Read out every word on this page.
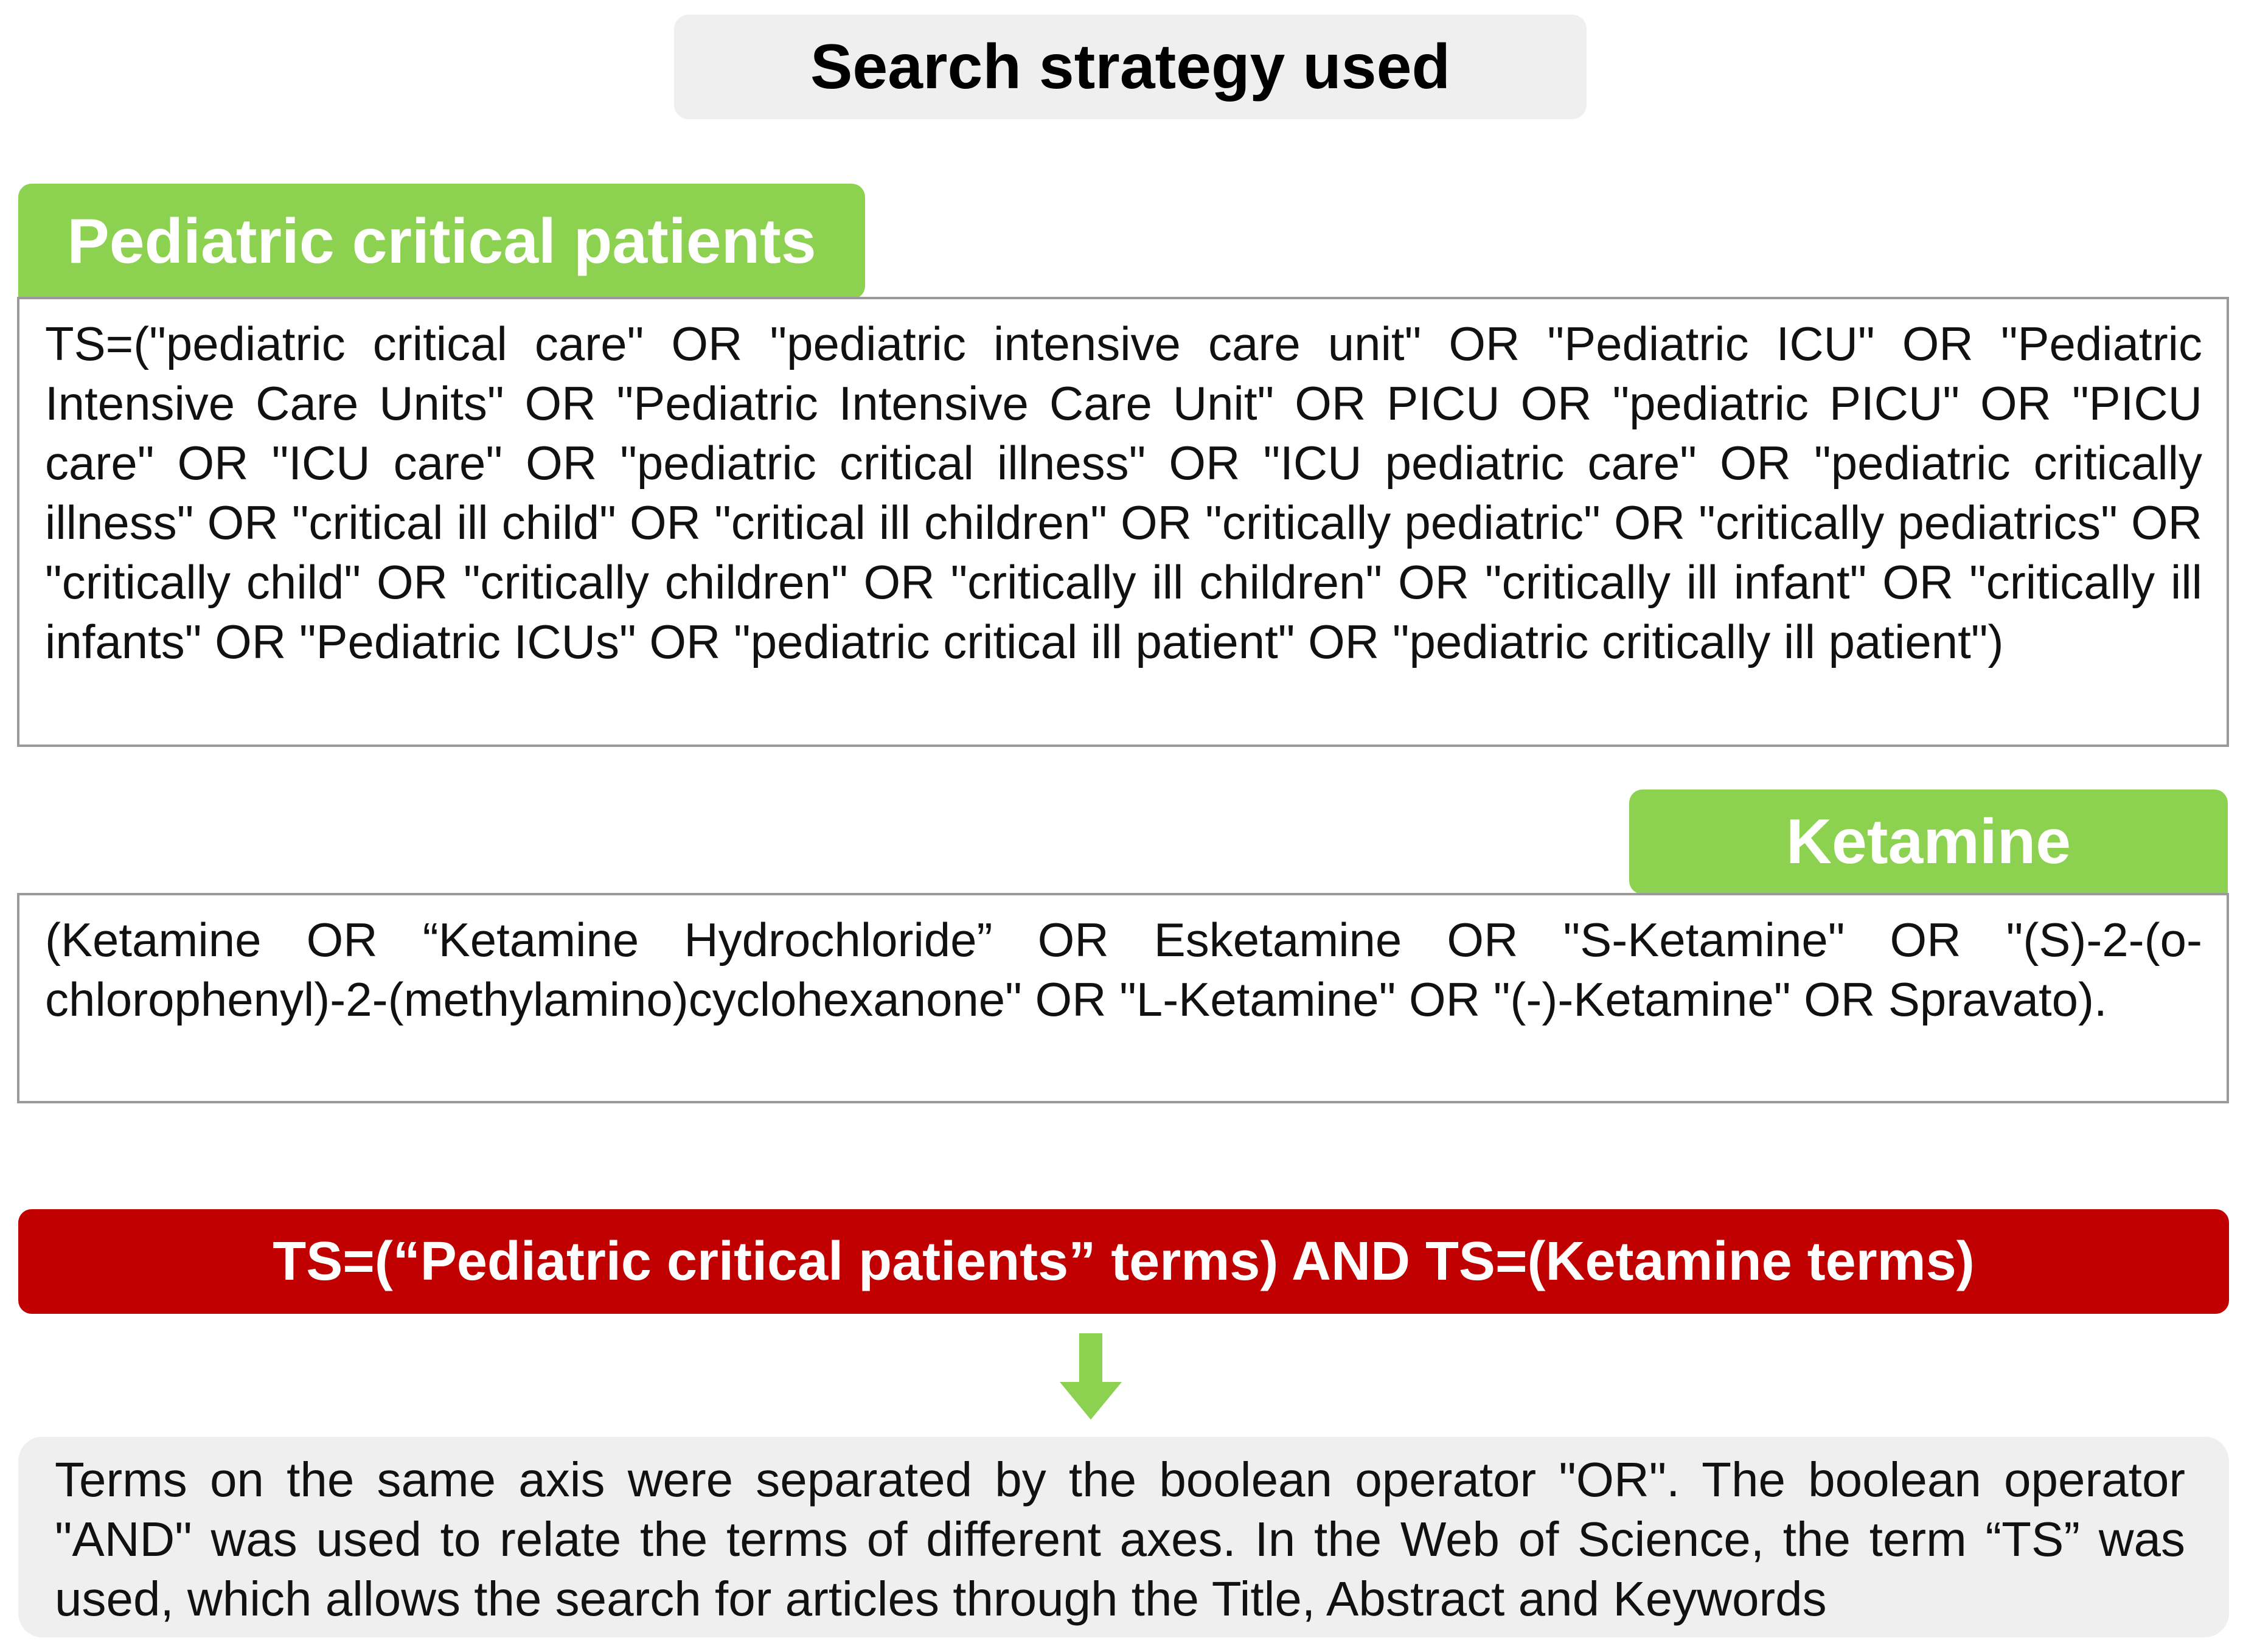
Search strategy used
Pediatric critical patients
TS=("pediatric critical care" OR "pediatric intensive care unit" OR "Pediatric ICU" OR "Pediatric Intensive Care Units" OR "Pediatric Intensive Care Unit" OR PICU OR "pediatric PICU" OR "PICU care" OR "ICU care" OR "pediatric critical illness" OR "ICU pediatric care" OR "pediatric critically illness" OR "critical ill child" OR "critical ill children" OR "critically pediatric" OR "critically pediatrics" OR "critically child" OR "critically children" OR "critically ill children" OR "critically ill infant" OR "critically ill infants" OR "Pediatric ICUs" OR "pediatric critical ill patient" OR "pediatric critically ill patient")
Ketamine
(Ketamine OR “Ketamine Hydrochloride” OR Esketamine OR "S-Ketamine" OR "(S)-2-(o-chlorophenyl)-2-(methylamino)cyclohexanone" OR "L-Ketamine" OR "(-)-Ketamine" OR Spravato).
TS=(“Pediatric critical patients” terms) AND TS=(Ketamine terms)
Terms on the same axis were separated by the boolean operator "OR". The boolean operator "AND" was used to relate the terms of different axes. In the Web of Science, the term “TS” was used, which allows the search for articles through the Title, Abstract and Keywords
